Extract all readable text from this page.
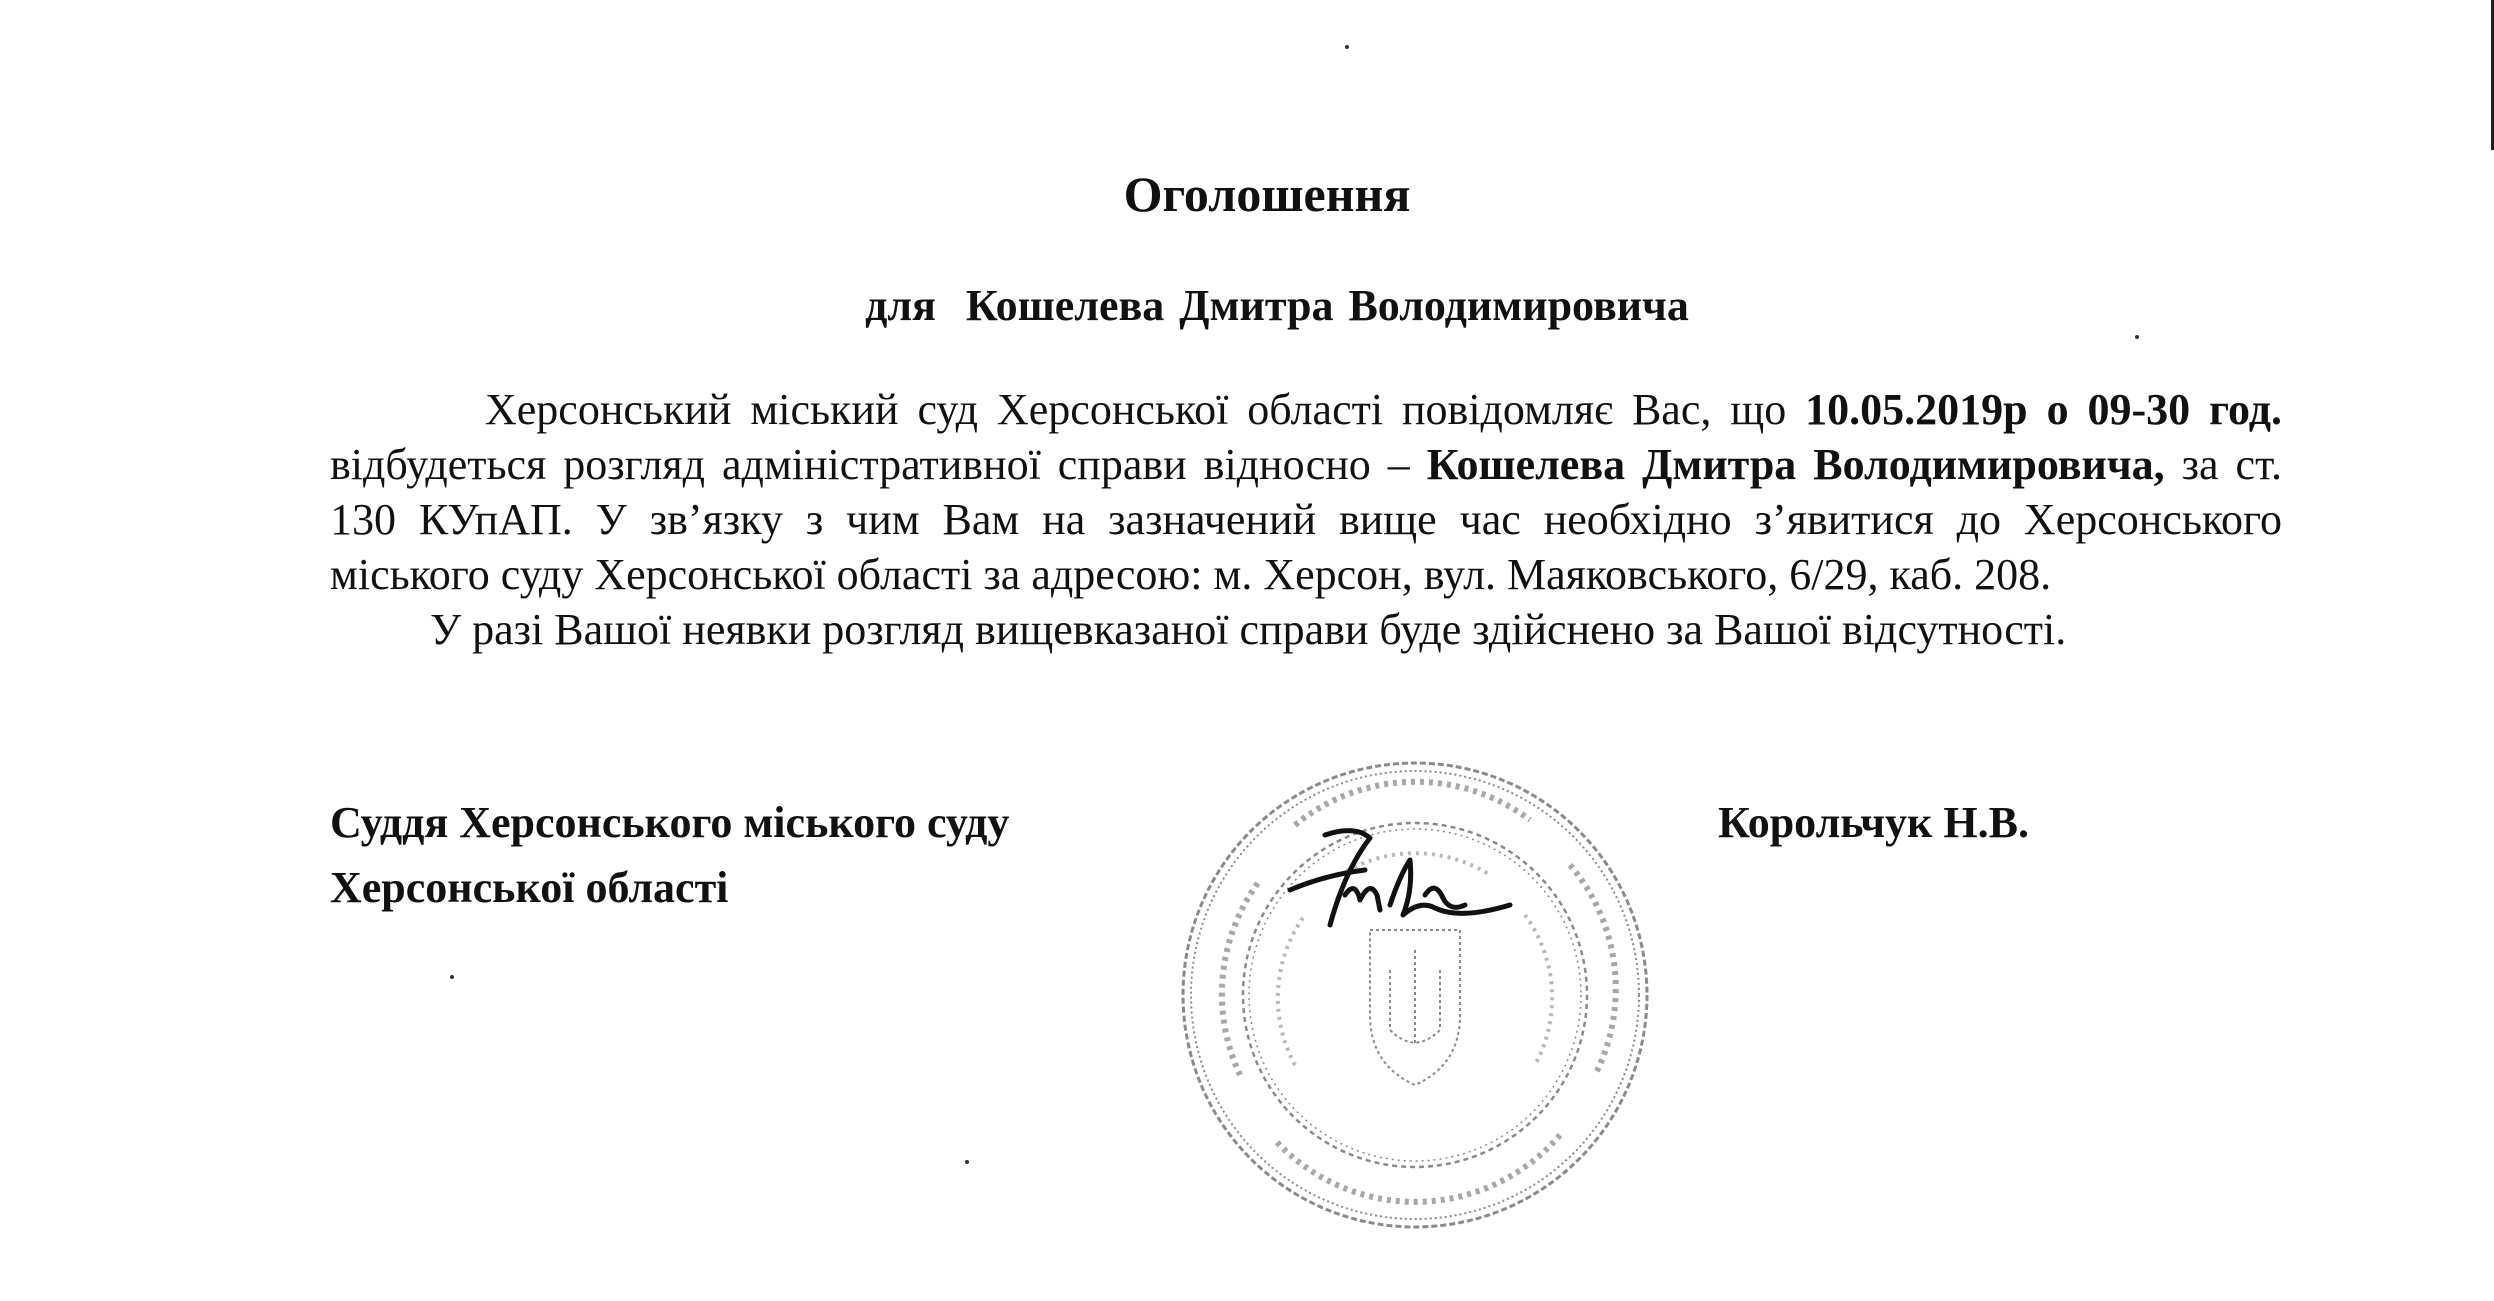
Оголошення
для Кошелева Дмитра Володимировича

Херсонський міський суд Херсонської області повідомляє Вас, що 10.05.2019р о 09-30 год. відбудеться розгляд адміністративної справи відносно – Кошелева Дмитра Володимировича, за ст. 130 КУпАП. У зв’язку з чим Вам на зазначений вище час необхідно з’явитися до Херсонського міського суду Херсонської області за адресою: м. Херсон, вул. Маяковського, 6/29, каб. 208.

У разі Вашої неявки розгляд вищевказаної справи буде здійснено за Вашої відсутності.

Суддя Херсонського міського суду
Херсонської області
Корольчук Н.В.
